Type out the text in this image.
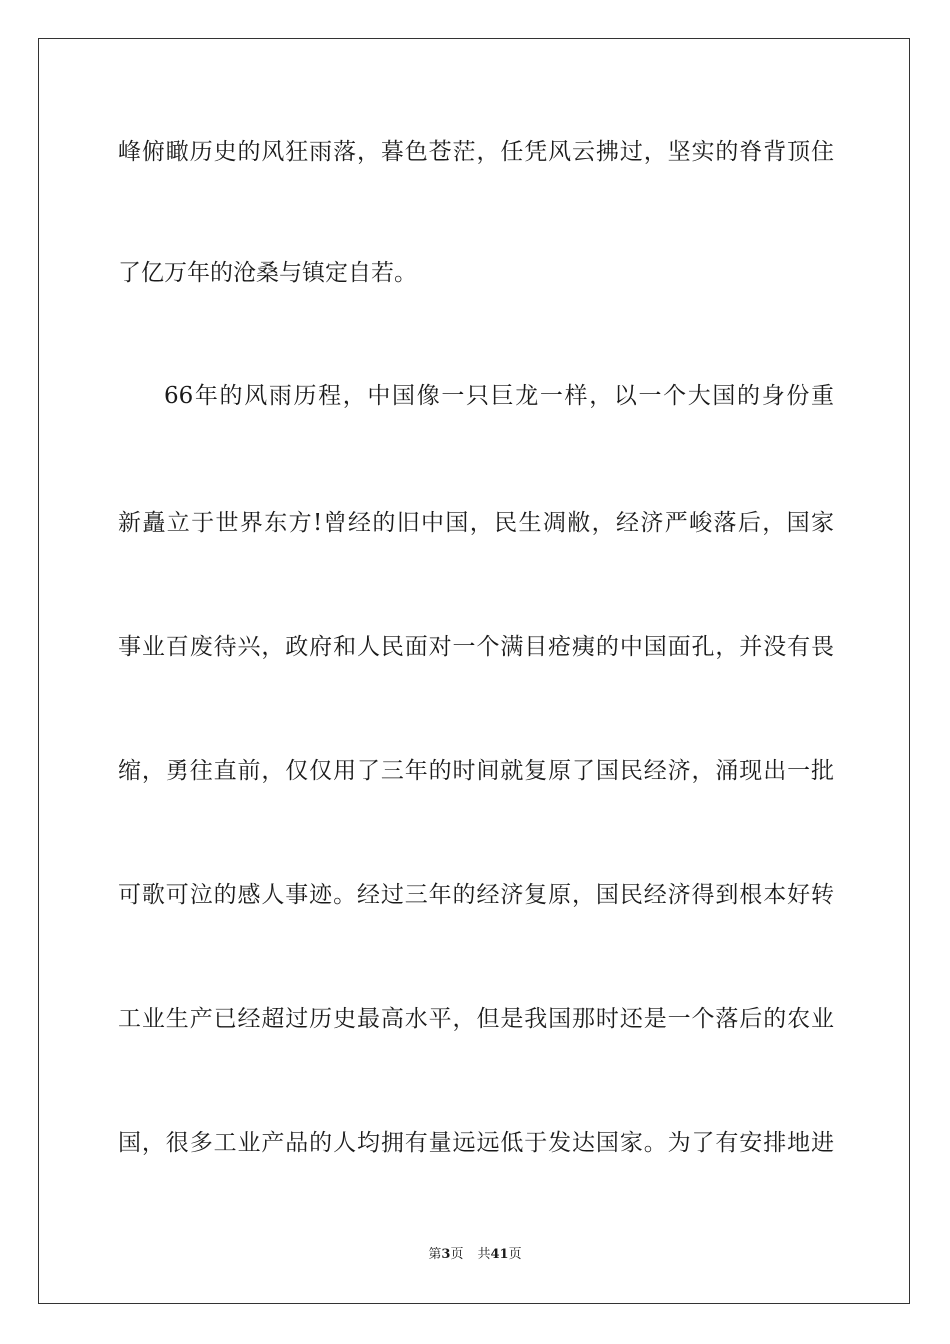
峰俯瞰历史的风狂雨落，暮色苍茫，任凭风云拂过，坚实的脊背顶住
了亿万年的沧桑与镇定自若。
66年的风雨历程，中国像一只巨龙一样，以一个大国的身份重
新矗立于世界东方!曾经的旧中国，民生凋敝，经济严峻落后，国家
事业百废待兴，政府和人民面对一个满目疮痍的中国面孔，并没有畏
缩，勇往直前，仅仅用了三年的时间就复原了国民经济，涌现出一批
可歌可泣的感人事迹。经过三年的经济复原，国民经济得到根本好转
工业生产已经超过历史最高水平，但是我国那时还是一个落后的农业
国，很多工业产品的人均拥有量远远低于发达国家。为了有安排地进
第3页 共41页
